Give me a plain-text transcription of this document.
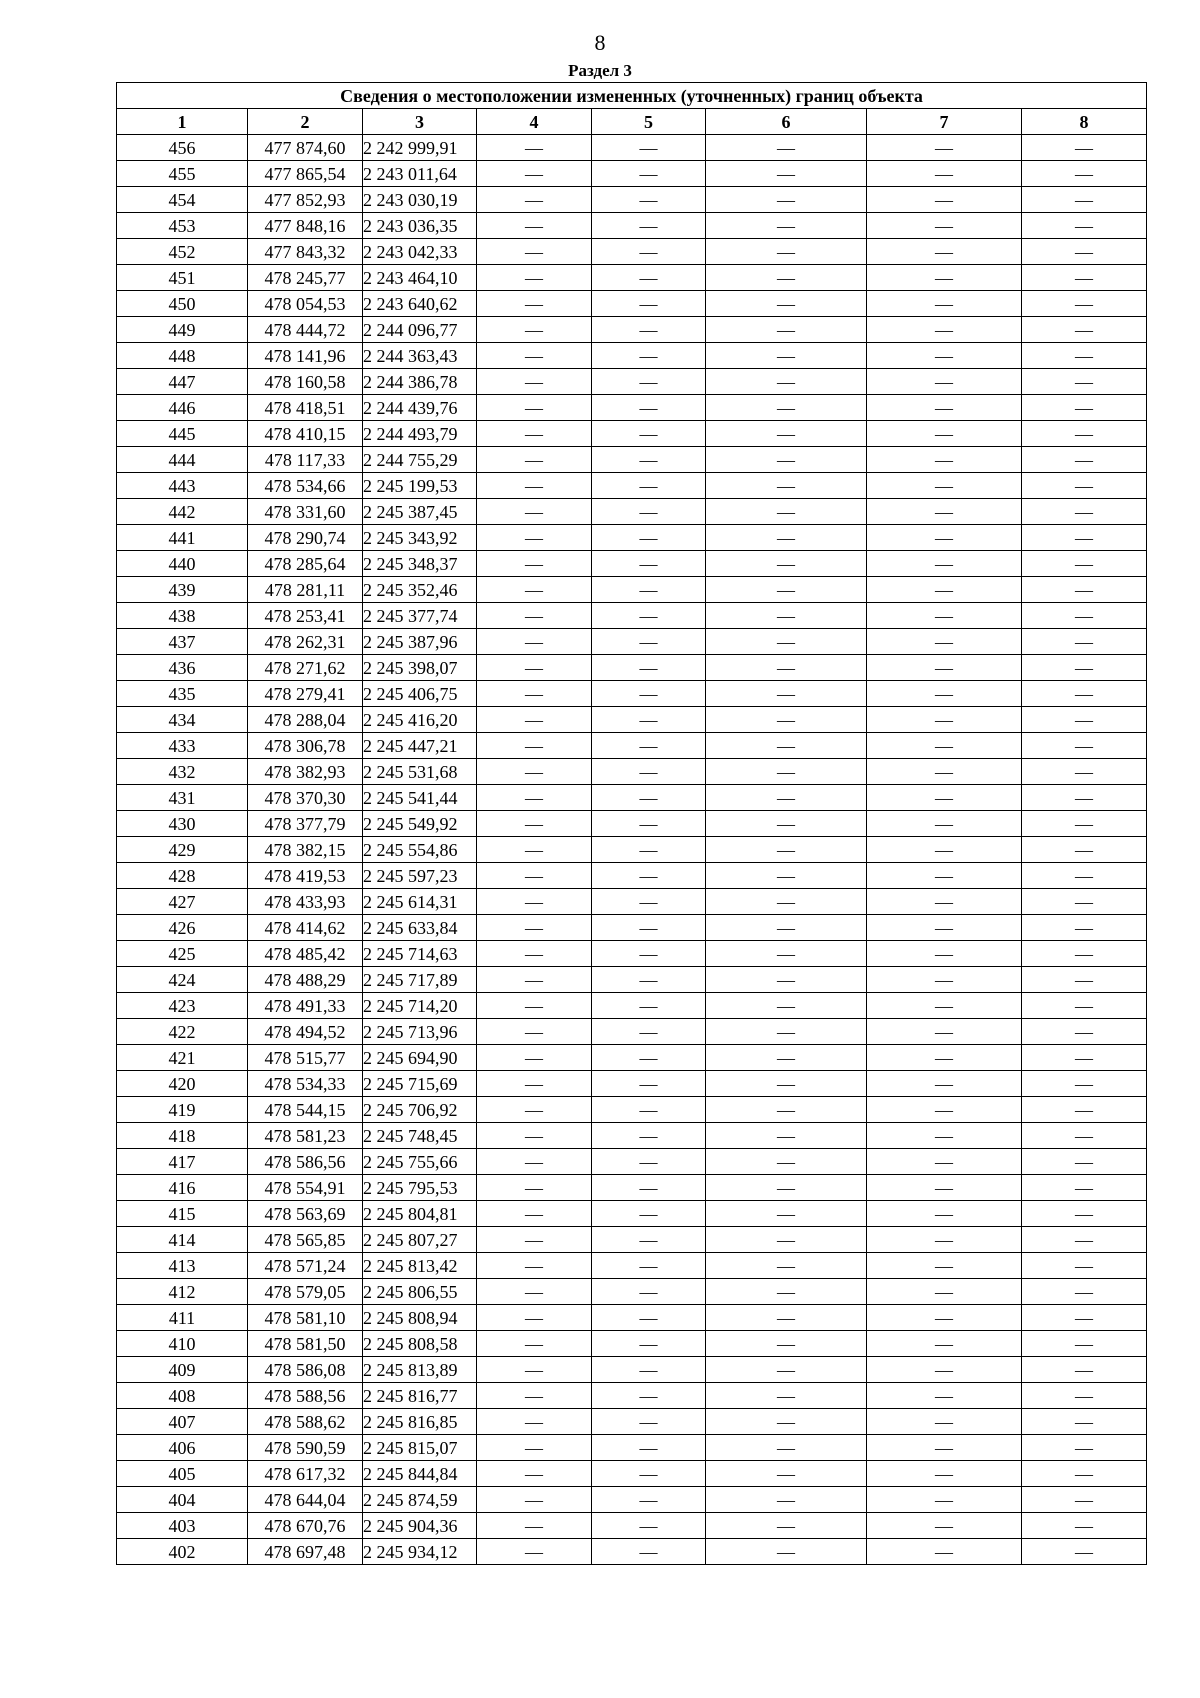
8
Раздел 3
Сведения о местоположении измененных (уточненных) границ объекта							
1	2	3	4	5	6	7	8
456	477 874,60	2 242 999,91	—	—	—	—	—
455	477 865,54	2 243 011,64	—	—	—	—	—
454	477 852,93	2 243 030,19	—	—	—	—	—
453	477 848,16	2 243 036,35	—	—	—	—	—
452	477 843,32	2 243 042,33	—	—	—	—	—
451	478 245,77	2 243 464,10	—	—	—	—	—
450	478 054,53	2 243 640,62	—	—	—	—	—
449	478 444,72	2 244 096,77	—	—	—	—	—
448	478 141,96	2 244 363,43	—	—	—	—	—
447	478 160,58	2 244 386,78	—	—	—	—	—
446	478 418,51	2 244 439,76	—	—	—	—	—
445	478 410,15	2 244 493,79	—	—	—	—	—
444	478 117,33	2 244 755,29	—	—	—	—	—
443	478 534,66	2 245 199,53	—	—	—	—	—
442	478 331,60	2 245 387,45	—	—	—	—	—
441	478 290,74	2 245 343,92	—	—	—	—	—
440	478 285,64	2 245 348,37	—	—	—	—	—
439	478 281,11	2 245 352,46	—	—	—	—	—
438	478 253,41	2 245 377,74	—	—	—	—	—
437	478 262,31	2 245 387,96	—	—	—	—	—
436	478 271,62	2 245 398,07	—	—	—	—	—
435	478 279,41	2 245 406,75	—	—	—	—	—
434	478 288,04	2 245 416,20	—	—	—	—	—
433	478 306,78	2 245 447,21	—	—	—	—	—
432	478 382,93	2 245 531,68	—	—	—	—	—
431	478 370,30	2 245 541,44	—	—	—	—	—
430	478 377,79	2 245 549,92	—	—	—	—	—
429	478 382,15	2 245 554,86	—	—	—	—	—
428	478 419,53	2 245 597,23	—	—	—	—	—
427	478 433,93	2 245 614,31	—	—	—	—	—
426	478 414,62	2 245 633,84	—	—	—	—	—
425	478 485,42	2 245 714,63	—	—	—	—	—
424	478 488,29	2 245 717,89	—	—	—	—	—
423	478 491,33	2 245 714,20	—	—	—	—	—
422	478 494,52	2 245 713,96	—	—	—	—	—
421	478 515,77	2 245 694,90	—	—	—	—	—
420	478 534,33	2 245 715,69	—	—	—	—	—
419	478 544,15	2 245 706,92	—	—	—	—	—
418	478 581,23	2 245 748,45	—	—	—	—	—
417	478 586,56	2 245 755,66	—	—	—	—	—
416	478 554,91	2 245 795,53	—	—	—	—	—
415	478 563,69	2 245 804,81	—	—	—	—	—
414	478 565,85	2 245 807,27	—	—	—	—	—
413	478 571,24	2 245 813,42	—	—	—	—	—
412	478 579,05	2 245 806,55	—	—	—	—	—
411	478 581,10	2 245 808,94	—	—	—	—	—
410	478 581,50	2 245 808,58	—	—	—	—	—
409	478 586,08	2 245 813,89	—	—	—	—	—
408	478 588,56	2 245 816,77	—	—	—	—	—
407	478 588,62	2 245 816,85	—	—	—	—	—
406	478 590,59	2 245 815,07	—	—	—	—	—
405	478 617,32	2 245 844,84	—	—	—	—	—
404	478 644,04	2 245 874,59	—	—	—	—	—
403	478 670,76	2 245 904,36	—	—	—	—	—
402	478 697,48	2 245 934,12	—	—	—	—	—
